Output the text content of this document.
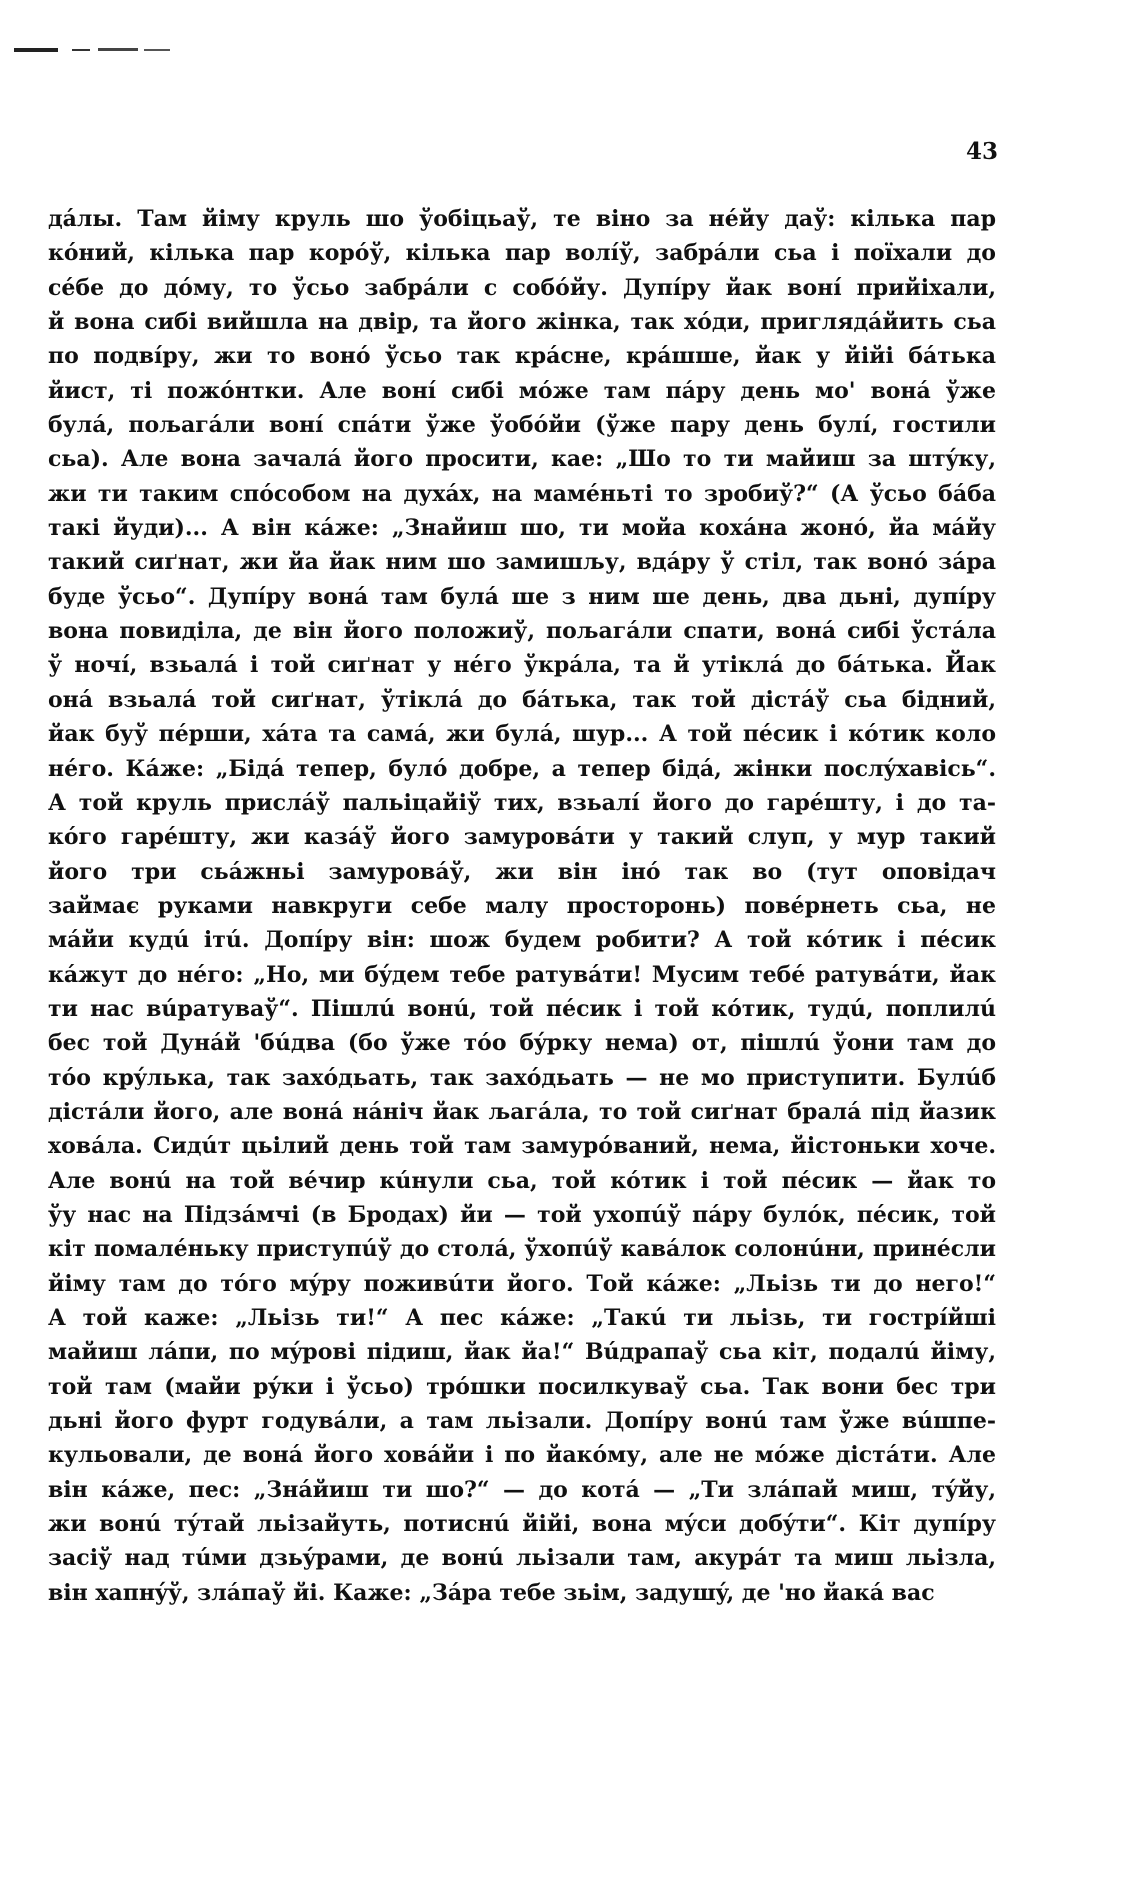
43
дáлы. Там йіму круль шо ўобіцьаў, те віно за нéйу даў: кілька пар
кóний, кілька пар корóў, кілька пар волíў, забрáли сьа і поїхали до
сéбе до дóму, то ўсьо забрáли с собóйу. Дупíру йак вонí прийіхали,
й вона сибі вийшла на двір, та його жінка, так хóди, приглядáйить сьа
по подвíру, жи то вонó ўсьо так крáсне, крáшше, йак у йійі бáтька
йист, ті пожóнтки. Але вонí сибі мóже там пáру день мо' вонá ўже
булá, пољагáли вонí спáти ўже ўобóйи (ўже пару день булí, гостили
сьа). Але вона зачалá його просити, кае: „Шо то ти майиш за штýку,
жи ти таким спóсобом на духáх, на мамéньті то зробиў?“ (А ўсьо бáба
такі йуди)... А він кáже: „Знайиш шо, ти мойа кохáна жонó, йа мáйу
такий сиґнат, жи йа йак ним шо замишљу, вдáру ў стіл, так вонó зáра
буде ўсьо“. Дупíру вонá там булá ше з ним ше день, два дьні, дупíру
вона повидiла, де він його положиў, пољагáли спати, вонá сибі ўстáла
ў ночí, взьалá і той сиґнат у нéго ўкрáла, та й утіклá до бáтька. Йак
онá взьалá той сиґнат, ўтіклá до бáтька, так той дістáў сьа бідний,
йак буў пéрши, хáта та самá, жи булá, шур... А той пéсик і кóтик коло
нéго. Кáже: „Бідá тепер, булó добре, а тепер бідá, жінки послýхавісь“.
А той круль прислáў пальіцайіў тих, взьалí його до гарéшту, і до та-
кóго гарéшту, жи казáў його замуровáти у такий слуп, у мур такий
його три сьáжньі замуровáў, жи він інó так во (тут оповідач
займає руками навкруги себе малу просторонь) повéрнеть сьа, не
мáйи кудú ітú. Допíру він: шож будем робити? А той кóтик і пéсик
кáжут до нéго: „Но, ми бýдем тебе ратувáти! Мусим тебé ратувáти, йак
ти нас вúратуваў“. Пішлú вонú, той пéсик і той кóтик, тудú, поплилú
бес той Дунáй 'бúдва (бо ўже тóо бýрку нема) от, пішлú ўони там до
тóо крýлька, так захóдьать, так захóдьать — не мо приступити. Булúб
дістáли його, але вонá нáніч йак љагáла, то той сиґнат бралá під йазик
ховáла. Сидúт цьілий день той там замурóваний, нема, йістоньки хоче.
Але вонú на той вéчир кúнули сьа, той кóтик і той пéсик — йак то
ўу нас на Підзáмчі (в Бродах) йи — той ухопúў пáру булóк, пéсик, той
кіт помалéньку приступúў до столá, ўхопúў кавáлок солонúни, принéсли
йіму там до тóго мýру поживúти його. Той кáже: „Льізь ти до него!“
А той каже: „Льізь ти!“ А пес кáже: „Такú ти льізь, ти гострíйші
майиш лáпи, по мýрові підиш, йак йа!“ Вúдрапаў сьа кіт, подалú йіму,
той там (майи рýки і ўсьо) трóшки посилкуваў сьа. Так вони бес три
дьні його фурт годувáли, а там льізали. Допíру вонú там ўже вúшпе-
кульовали, де вонá його ховáйи і по йакóму, але не мóже дістáти. Але
він кáже, пес: „Знáйиш ти шо?“ — до котá — „Ти злáпай миш, тýйу,
жи вонú тýтай льізайуть, потиснú йійі, вона мýси добýти“. Кіт дупíру
засіў над тúми дзьýрами, де вонú льізали там, акурáт та миш льізла,
він хапнýў, злáпаў йі. Каже: „Зáра тебе зьім, задушý, де 'но йакá вас
